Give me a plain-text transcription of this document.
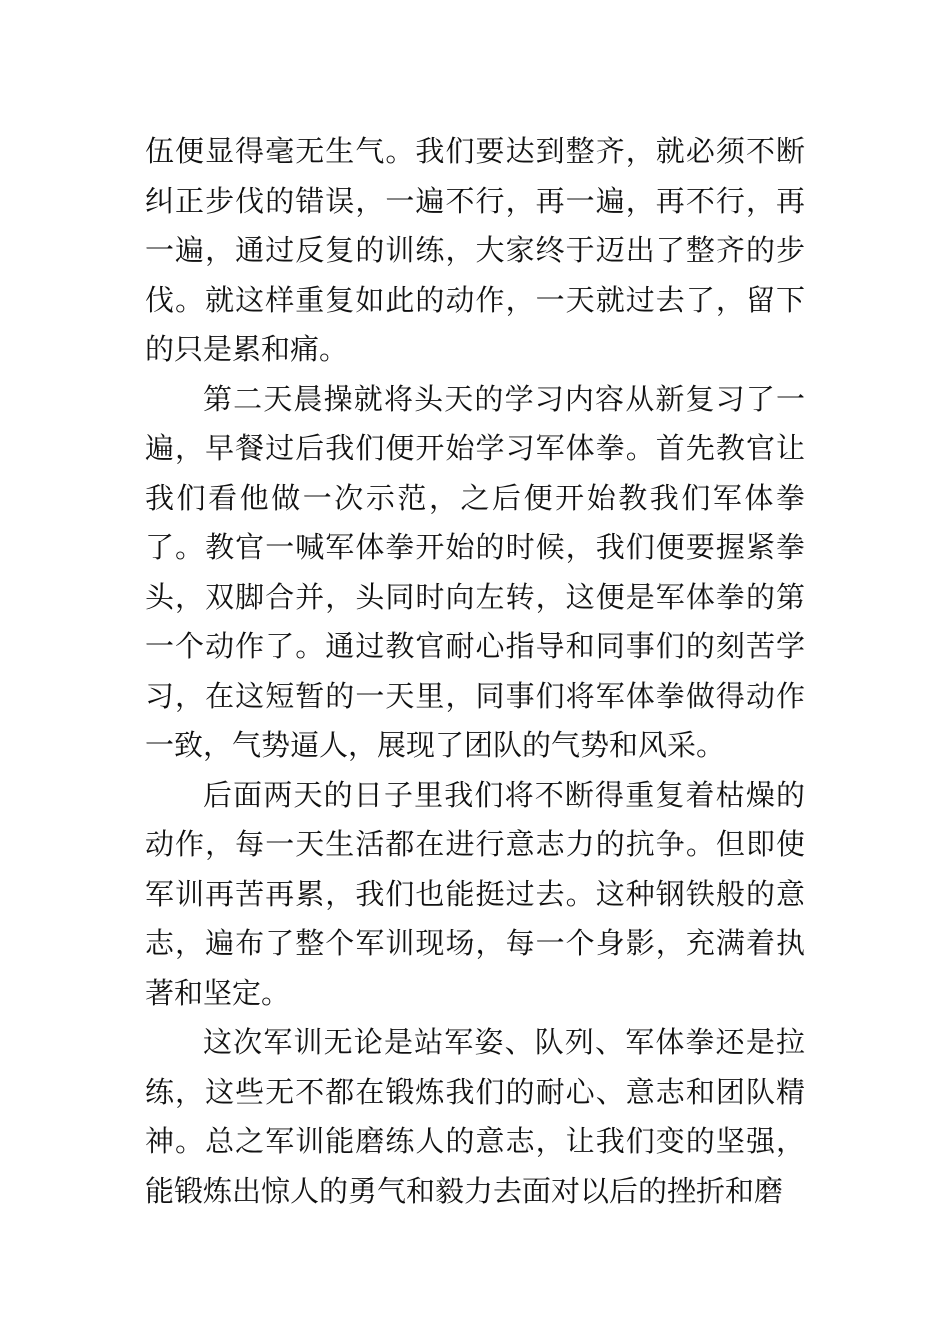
伍便显得毫无生气。我们要达到整齐，就必须不断纠正步伐的错误，一遍不行，再一遍，再不行，再一遍，通过反复的训练，大家终于迈出了整齐的步伐。就这样重复如此的动作，一天就过去了，留下的只是累和痛。

第二天晨操就将头天的学习内容从新复习了一遍，早餐过后我们便开始学习军体拳。首先教官让我们看他做一次示范，之后便开始教我们军体拳了。教官一喊军体拳开始的时候，我们便要握紧拳头，双脚合并，头同时向左转，这便是军体拳的第一个动作了。通过教官耐心指导和同事们的刻苦学习，在这短暂的一天里，同事们将军体拳做得动作一致，气势逼人，展现了团队的气势和风采。

后面两天的日子里我们将不断得重复着枯燥的动作，每一天生活都在进行意志力的抗争。但即使军训再苦再累，我们也能挺过去。这种钢铁般的意志，遍布了整个军训现场，每一个身影，充满着执著和坚定。

这次军训无论是站军姿、队列、军体拳还是拉练，这些无不都在锻炼我们的耐心、意志和团队精神。总之军训能磨练人的意志，让我们变的坚强，能锻炼出惊人的勇气和毅力去面对以后的挫折和磨
